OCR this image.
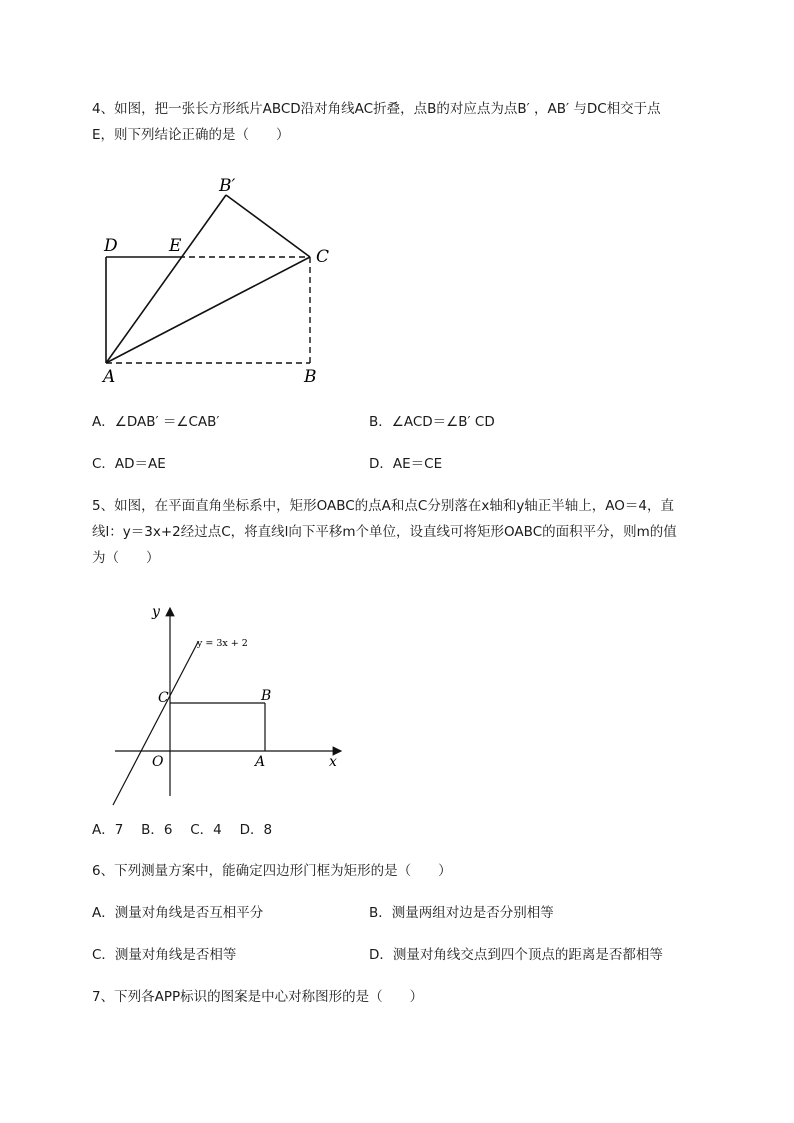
4、如图，把一张长方形纸片ABCD沿对角线AC折叠，点B的对应点为点B′ ，AB′ 与DC相交于点
E，则下列结论正确的是（　　）
B′
D	E
C
A	B
A．∠DAB′ ＝∠CAB′	B．∠ACD＝∠B′ CD
C．AD＝AE	D．AE＝CE
5、如图，在平面直角坐标系中，矩形OABC的点A和点C分别落在x轴和y轴正半轴上，AO＝4，直
线l：y＝3x+2经过点C，将直线l向下平移m个单位，设直线可将矩形OABC的面积平分，则m的值
为（　　）
y
x
O	A
B
C
y = 3x + 2
A．7　 B．6　 C．4　 D．8
6、下列测量方案中，能确定四边形门框为矩形的是（　　）
A．测量对角线是否互相平分	B．测量两组对边是否分别相等
C．测量对角线是否相等	D．测量对角线交点到四个顶点的距离是否都相等
7、下列各APP标识的图案是中心对称图形的是（　　）
